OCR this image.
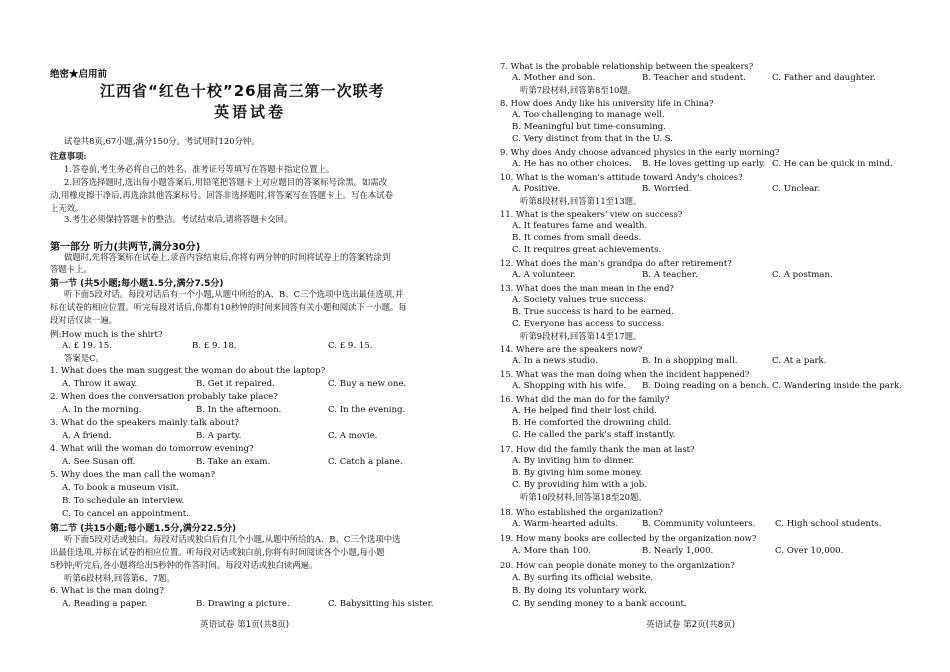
绝密★启用前
江西省“红色十校”26届高三第一次联考
英语试卷
试卷共8页,67小题,满分150分。考试用时120分钟。
注意事项:
1.答卷前,考生务必将自己的姓名、准考证号等填写在答题卡指定位置上。
2.回答选择题时,选出每小题答案后,用铅笔把答题卡上对应题目的答案标号涂黑。如需改
动,用橡皮擦干净后,再选涂其他答案标号。回答非选择题时,将答案写在答题卡上。写在本试卷
上无效。
3.考生必须保持答题卡的整洁。考试结束后,请将答题卡交回。
第一部分 听力(共两节,满分30分)
做题时,先将答案标在试卷上,录音内容结束后,你将有两分钟的时间将试卷上的答案转涂到
答题卡上。
第一节 (共5小题;每小题1.5分,满分7.5分)
听下面5段对话。每段对话后有一个小题,从题中所给的A、B、C三个选项中选出最佳选项,并
标在试卷的相应位置。听完每段对话后,你都有10秒钟的时间来回答有关小题和阅读下一小题。每
段对话仅读一遍。
例:How much is the shirt?
A. £ 19. 15.	B. £ 9. 18.	C. £ 9. 15.
答案是C。
1. What does the man suggest the woman do about the laptop?
A. Throw it away.	B. Get it repaired.	C. Buy a new one.
2. When does the conversation probably take place?
A. In the morning.	B. In the afternoon.	C. In the evening.
3. What do the speakers mainly talk about?
A. A friend.	B. A party.	C. A movie.
4. What will the woman do tomorrow evening?
A. See Susan off.	B. Take an exam.	C. Catch a plane.
5. Why does the man call the woman?
A. To book a museum visit.
B. To schedule an interview.
C. To cancel an appointment.
第二节 (共15小题;每小题1.5分,满分22.5分)
听下面5段对话或独白。每段对话或独白后有几个小题,从题中所给的A、B、C三个选项中选
出最佳选项,并标在试卷的相应位置。听每段对话或独白前,你将有时间阅读各个小题,每小题
5秒钟;听完后,各小题将给出5秒钟的作答时间。每段对话或独白读两遍。
听第6段材料,回答第6、7题。
6. What is the man doing?
A. Reading a paper.	B. Drawing a picture.	C. Babysitting his sister.
英语试卷 第1页(共8页)
7. What is the probable relationship between the speakers?
A. Mother and son.	B. Teacher and student.	C. Father and daughter.
听第7段材料,回答第8至10题。
8. How does Andy like his university life in China?
A. Too challenging to manage well.
B. Meaningful but time-consuming.
C. Very distinct from that in the U. S.
9. Why does Andy choose advanced physics in the early morning?
A. He has no other choices. B. He loves getting up early. C. He can be quick in mind.
10. What is the woman's attitude toward Andy's choices?
A. Positive.	B. Worried.	C. Unclear.
听第8段材料,回答第11至13题。
11. What is the speakers' view on success?
A. It features fame and wealth.
B. It comes from small deeds.
C. It requires great achievements.
12. What does the man's grandpa do after retirement?
A. A volunteer.	B. A teacher.	C. A postman.
13. What does the man mean in the end?
A. Society values true success.
B. True success is hard to be earned.
C. Everyone has access to success.
听第9段材料,回答第14至17题。
14. Where are the speakers now?
A. In a news studio.	B. In a shopping mall.	C. At a park.
15. What was the man doing when the incident happened?
A. Shopping with his wife. B. Doing reading on a bench. C. Wandering inside the park.
16. What did the man do for the family?
A. He helped find their lost child.
B. He comforted the drowning child.
C. He called the park's staff instantly.
17. How did the family thank the man at last?
A. By inviting him to dinner.
B. By giving him some money.
C. By providing him with a job.
听第10段材料,回答第18至20题。
18. Who established the organization?
A. Warm-hearted adults.	B. Community volunteers. C. High school students.
19. How many books are collected by the organization now?
A. More than 100.	B. Nearly 1,000.	C. Over 10,000.
20. How can people donate money to the organization?
A. By surfing its official website.
B. By doing its voluntary work.
C. By sending money to a bank account.
英语试卷 第2页(共8页)
